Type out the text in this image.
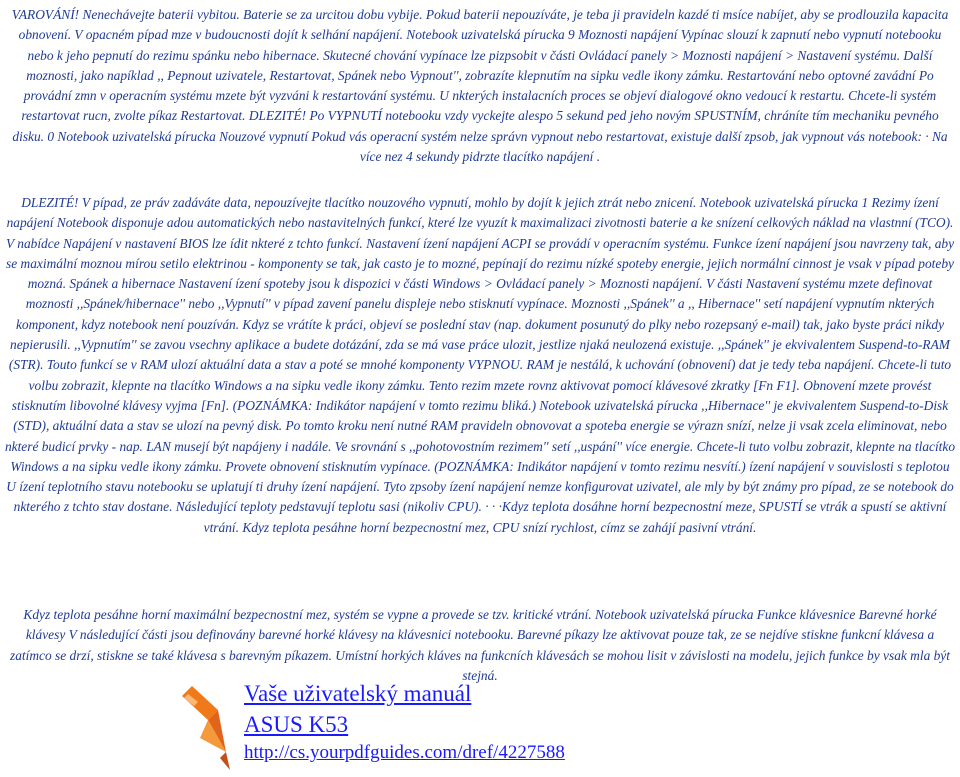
VAROVÁNÍ! Nenechávejte baterii vybitou. Baterie se za urcitou dobu vybije. Pokud baterii nepouzíváte, je teba ji pravideln kazdé ti msíce nabíjet, aby se prodlouzila kapacita obnovení. V opacném pípad mze v budoucnosti dojít k selhání napájení. Notebook uzivatelská pírucka 9 Moznosti napájení Vypínac slouzí k zapnutí nebo vypnutí notebooku nebo k jeho pepnutí do rezimu spánku nebo hibernace. Skutecné chování vypínace lze pizpsobit v části Ovládací panely > Moznosti napájení > Nastavení systému. Další moznosti, jako napíklad ,, Pepnout uzivatele, Restartovat, Spánek nebo Vypnout'', zobrazíte klepnutím na sipku vedle ikony zámku. Restartování nebo optovné zavádní Po provádní zmn v operacním systému mzete být vyzváni k restartování systému. U nkterých instalacních proces se objeví dialogové okno vedoucí k restartu. Chcete-li systém restartovat rucn, zvolte píkaz Restartovat. DLEZITÉ! Po VYPNUTÍ notebooku vzdy vyckejte alespo 5 sekund ped jeho novým SPUSTNÍM, chráníte tím mechaniku pevného disku. 0 Notebook uzivatelská pírucka Nouzové vypnutí Pokud vás operacní systém nelze správn vypnout nebo restartovat, existuje další zpsob, jak vypnout vás notebook: · Na více nez 4 sekundy pidrzte tlacítko napájení .
DLEZITÉ! V pípad, ze práv zadáváte data, nepouzívejte tlacítko nouzového vypnutí, mohlo by dojít k jejich ztrát nebo znicení. Notebook uzivatelská pírucka 1 Rezimy ízení napájení Notebook disponuje adou automatických nebo nastavitelných funkcí, které lze vyuzít k maximalizaci zivotnosti baterie a ke snízení celkových náklad na vlastnní (TCO). V nabídce Napájení v nastavení BIOS lze ídit nkteré z tchto funkcí. Nastavení ízení napájení ACPI se provádí v operacním systému. Funkce ízení napájení jsou navrzeny tak, aby se maximální moznou mírou setilo elektrinou - komponenty se tak, jak casto je to mozné, pepínají do rezimu nízké spoteby energie, jejich normální cinnost je vsak v pípad poteby mozná. Spánek a hibernace Nastavení ízení spoteby jsou k dispozici v části Windows > Ovládací panely > Moznosti napájení. V části Nastavení systému mzete definovat moznosti ,,Spánek/hibernace'' nebo ,,Vypnutí'' v pípad zavení panelu displeje nebo stisknutí vypínace. Moznosti ,,Spánek'' a ,, Hibernace'' setí napájení vypnutím nkterých komponent, kdyz notebook není pouzíván. Kdyz se vrátíte k práci, objeví se poslední stav (nap. dokument posunutý do plky nebo rozepsaný e-mail) tak, jako byste práci nikdy nepierusili. ,,Vypnutím'' se zavou vsechny aplikace a budete dotázání, zda se má vase práce ulozit, jestlize njaká neulozená existuje. ,,Spánek'' je ekvivalentem Suspend-to-RAM (STR). Touto funkcí se v RAM ulozí aktuální data a stav a poté se mnohé komponenty VYPNOU. RAM je nestálá, k uchování (obnovení) dat je tedy teba napájení. Chcete-li tuto volbu zobrazit, klepnte na tlacítko Windows a na sipku vedle ikony zámku. Tento rezim mzete rovnz aktivovat pomocí klávesové zkratky [Fn F1]. Obnovení mzete provést stisknutím libovolné klávesy vyjma [Fn]. (POZNÁMKA: Indikátor napájení v tomto rezimu bliká.) Notebook uzivatelská pírucka ,,Hibernace'' je ekvivalentem Suspend-to-Disk (STD), aktuální data a stav se ulozí na pevný disk. Po tomto kroku není nutné RAM pravideln obnovovat a spoteba energie se výrazn snízí, nelze ji vsak zcela eliminovat, nebo nkteré budicí prvky - nap. LAN musejí být napájeny i nadále. Ve srovnání s ,,pohotovostním rezimem'' setí ,,uspání'' více energie. Chcete-li tuto volbu zobrazit, klepnte na tlacítko Windows a na sipku vedle ikony zámku. Provete obnovení stisknutím vypínace. (POZNÁMKA: Indikátor napájení v tomto rezimu nesvítí.) ízení napájení v souvislosti s teplotou U ízení teplotního stavu notebooku se uplatují ti druhy ízení napájení. Tyto zpsoby ízení napájení nemze konfigurovat uzivatel, ale mly by být známy pro pípad, ze se notebook do nkterého z tchto stav dostane. Následující teploty pedstavují teplotu sasi (nikoliv CPU). · · ·Kdyz teplota dosáhne horní bezpecnostní meze, SPUSTÍ se vtrák a spustí se aktivní vtrání. Kdyz teplota pesáhne horní bezpecnostní mez, CPU snízí rychlost, címz se zahájí pasivní vtrání.
Kdyz teplota pesáhne horní maximální bezpecnostní mez, systém se vypne a provede se tzv. kritické vtrání. Notebook uzivatelská pírucka Funkce klávesnice Barevné horké klávesy V následující části jsou definovány barevné horké klávesy na klávesnici notebooku. Barevné píkazy lze aktivovat pouze tak, ze se nejdíve stiskne funkcní klávesa a zatímco se drzí, stiskne se také klávesa s barevným píkazem. Umístní horkých kláves na funkcních klávesách se mohou lisit v závislosti na modelu, jejich funkce by vsak mla být stejná.
Vaše uživatelský manuál
ASUS K53
http://cs.yourpdfguides.com/dref/4227588
